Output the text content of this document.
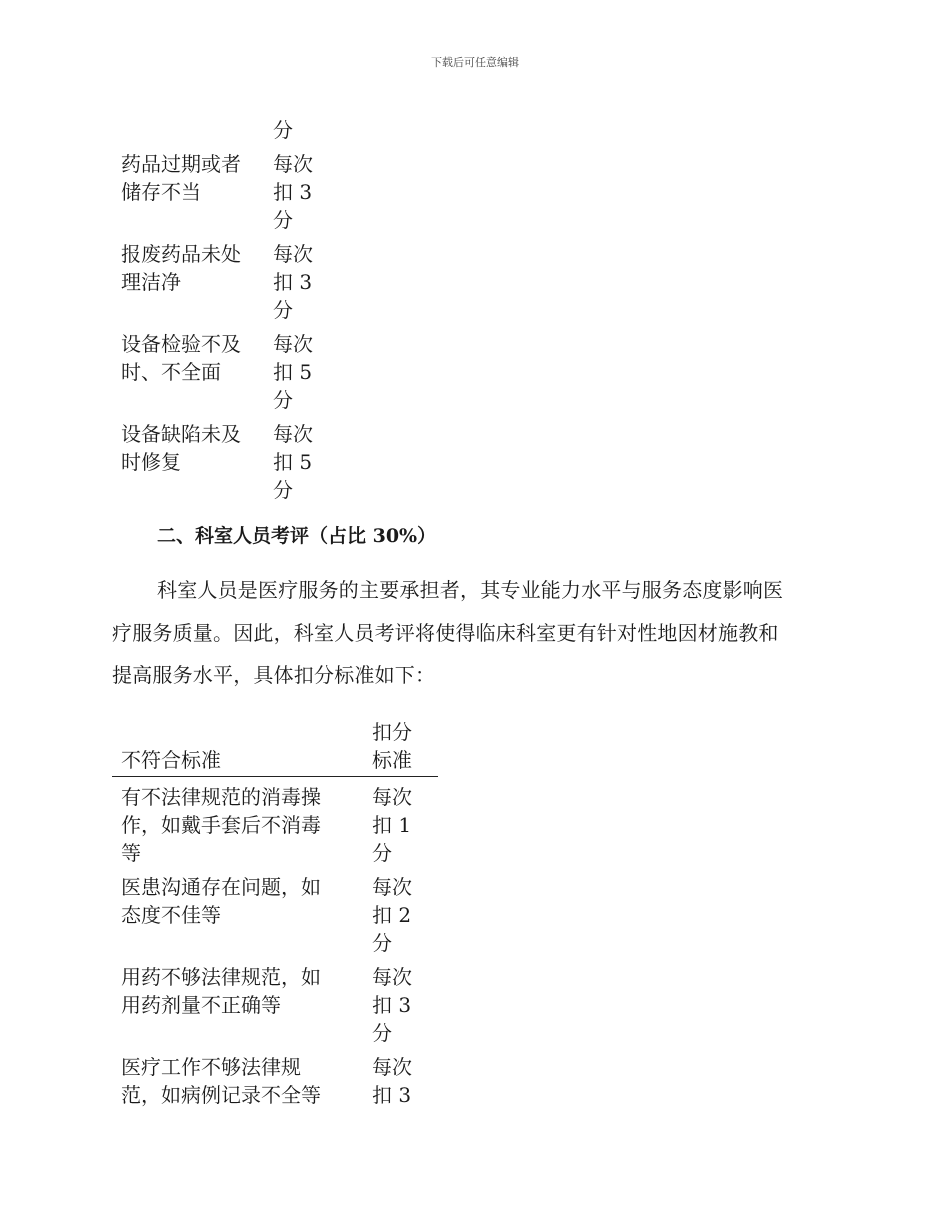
下载后可任意编辑
分
药品过期或者
储存不当
每次
扣 3
分
报废药品未处
理洁净
每次
扣 3
分
设备检验不及
时、不全面
每次
扣 5
分
设备缺陷未及
时修复
每次
扣 5
分
二、科室人员考评（占比 30%）
科室人员是医疗服务的主要承担者，其专业能力水平与服务态度影响医
疗服务质量。因此，科室人员考评将使得临床科室更有针对性地因材施教和
提高服务水平，具体扣分标准如下：
不符合标准
扣分
标准
有不法律规范的消毒操
作，如戴手套后不消毒
等
每次
扣 1
分
医患沟通存在问题，如
态度不佳等
每次
扣 2
分
用药不够法律规范，如
用药剂量不正确等
每次
扣 3
分
医疗工作不够法律规
范，如病例记录不全等
每次
扣 3
